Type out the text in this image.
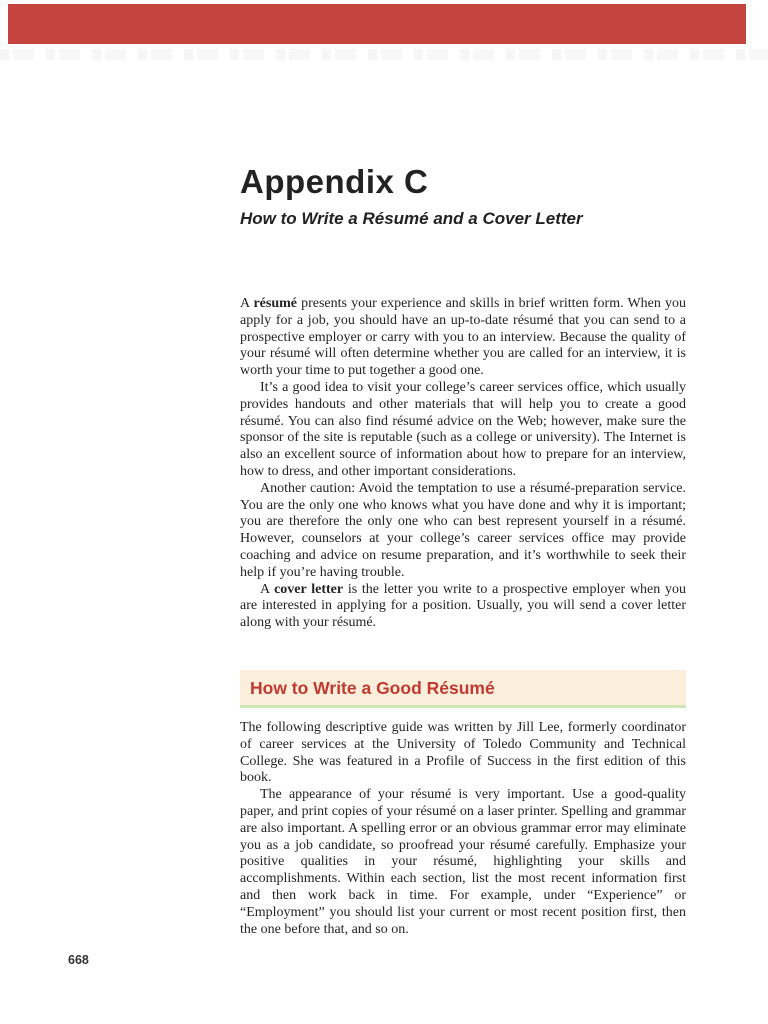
Appendix C
How to Write a Résumé and a Cover Letter

A résumé presents your experience and skills in brief written form. When you apply for a job, you should have an up-to-date résumé that you can send to a prospective employer or carry with you to an interview. Because the quality of your résumé will often determine whether you are called for an interview, it is worth your time to put together a good one.

It’s a good idea to visit your college’s career services office, which usually provides handouts and other materials that will help you to create a good résumé. You can also find résumé advice on the Web; however, make sure the sponsor of the site is reputable (such as a college or university). The Internet is also an excellent source of information about how to prepare for an interview, how to dress, and other important considerations.

Another caution: Avoid the temptation to use a résumé-preparation service. You are the only one who knows what you have done and why it is important; you are therefore the only one who can best represent yourself in a résumé. However, counselors at your college’s career services office may provide coaching and advice on resume preparation, and it’s worthwhile to seek their help if you’re having trouble.

A cover letter is the letter you write to a prospective employer when you are interested in applying for a position. Usually, you will send a cover letter along with your résumé.

How to Write a Good Résumé

The following descriptive guide was written by Jill Lee, formerly coordinator of career services at the University of Toledo Community and Technical College. She was featured in a Profile of Success in the first edition of this book.

The appearance of your résumé is very important. Use a good-quality paper, and print copies of your résumé on a laser printer. Spelling and grammar are also important. A spelling error or an obvious grammar error may eliminate you as a job candidate, so proofread your résumé carefully. Emphasize your positive qualities in your résumé, highlighting your skills and accomplishments. Within each section, list the most recent information first and then work back in time. For example, under “Experience” or “Employment” you should list your current or most recent position first, then the one before that, and so on.

668
